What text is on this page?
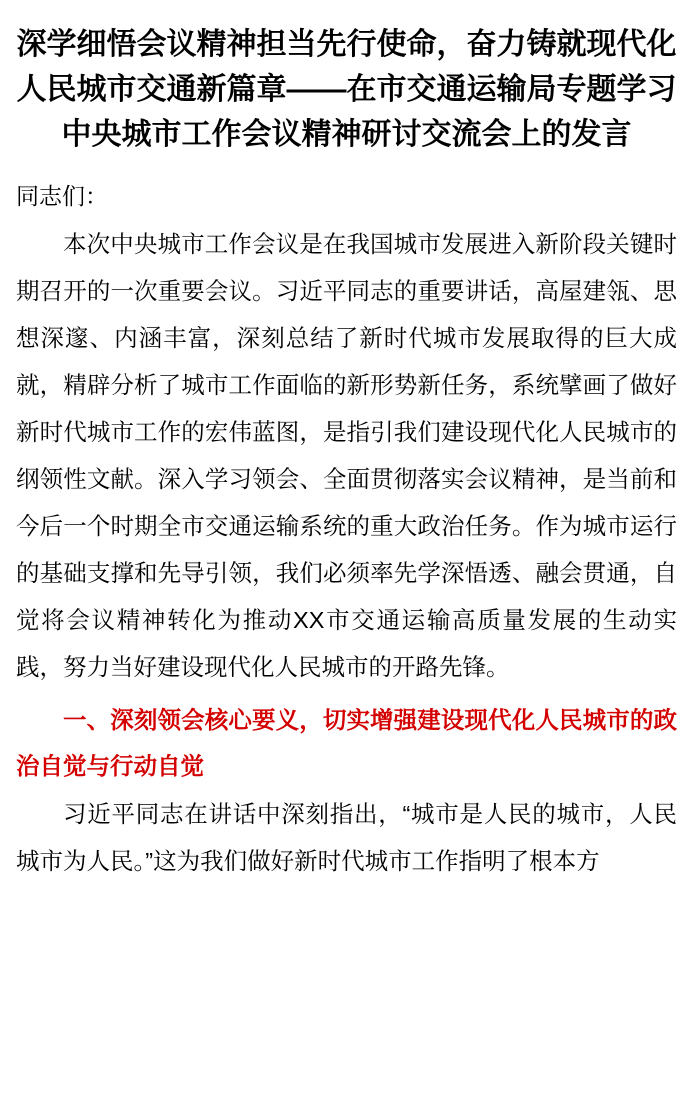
深学细悟会议精神担当先行使命，奋力铸就现代化人民城市交通新篇章——在市交通运输局专题学习中央城市工作会议精神研讨交流会上的发言

同志们：

本次中央城市工作会议是在我国城市发展进入新阶段关键时期召开的一次重要会议。习近平同志的重要讲话，高屋建瓴、思想深邃、内涵丰富，深刻总结了新时代城市发展取得的巨大成就，精辟分析了城市工作面临的新形势新任务，系统擘画了做好新时代城市工作的宏伟蓝图，是指引我们建设现代化人民城市的纲领性文献。深入学习领会、全面贯彻落实会议精神，是当前和今后一个时期全市交通运输系统的重大政治任务。作为城市运行的基础支撑和先导引领，我们必须率先学深悟透、融会贯通，自觉将会议精神转化为推动XX市交通运输高质量发展的生动实践，努力当好建设现代化人民城市的开路先锋。

一、深刻领会核心要义，切实增强建设现代化人民城市的政治自觉与行动自觉

习近平同志在讲话中深刻指出，“城市是人民的城市，人民城市为人民。”这为我们做好新时代城市工作指明了根本方
